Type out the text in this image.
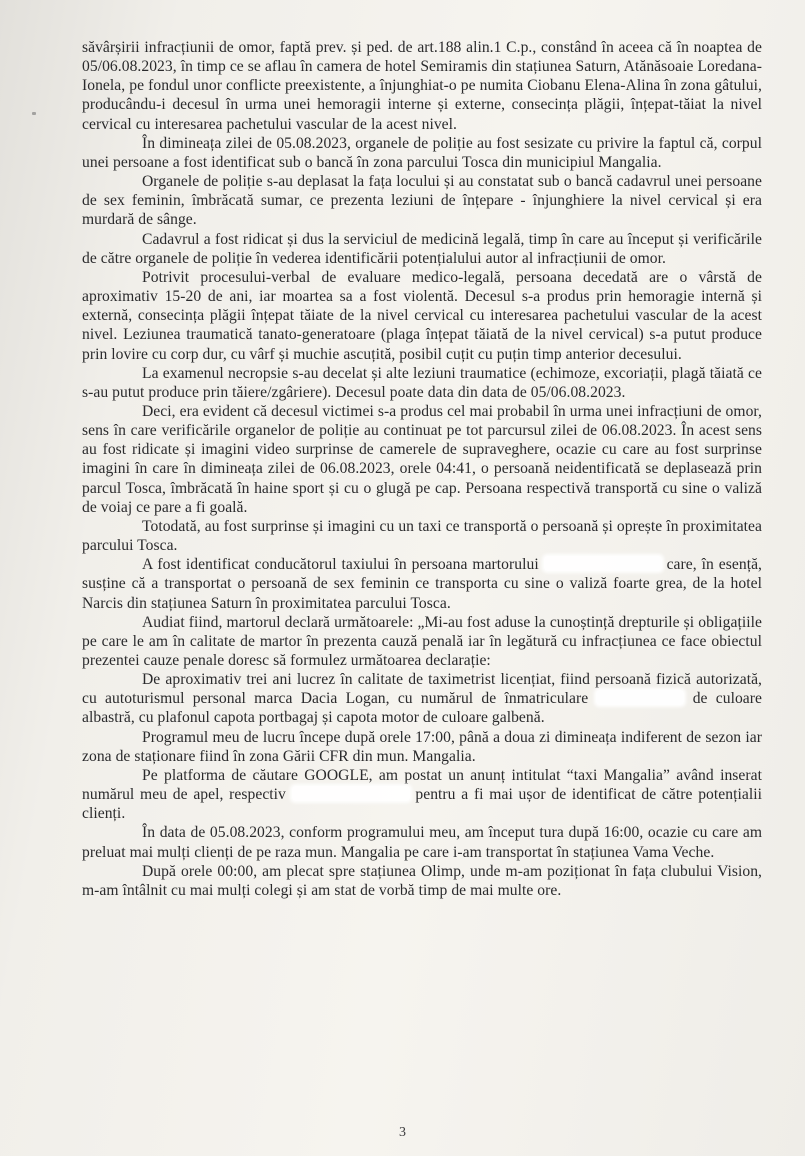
săvârșirii infracțiunii de omor, faptă prev. și ped. de art.188 alin.1 C.p., constând în aceea că în noaptea de 05/06.08.2023, în timp ce se aflau în camera de hotel Semiramis din stațiunea Saturn, Atănăsoaie Loredana-Ionela, pe fondul unor conflicte preexistente, a înjunghiat-o pe numita Ciobanu Elena-Alina în zona gâtului, producându-i decesul în urma unei hemoragii interne și externe, consecința plăgii, înțepat-tăiat la nivel cervical cu interesarea pachetului vascular de la acest nivel.

În dimineața zilei de 05.08.2023, organele de poliție au fost sesizate cu privire la faptul că, corpul unei persoane a fost identificat sub o bancă în zona parcului Tosca din municipiul Mangalia.

Organele de poliție s-au deplasat la fața locului și au constatat sub o bancă cadavrul unei persoane de sex feminin, îmbrăcată sumar, ce prezenta leziuni de înțepare - înjunghiere la nivel cervical și era murdară de sânge.

Cadavrul a fost ridicat și dus la serviciul de medicină legală, timp în care au început și verificările de către organele de poliție în vederea identificării potențialului autor al infracțiunii de omor.

Potrivit procesului-verbal de evaluare medico-legală, persoana decedată are o vârstă de aproximativ 15-20 de ani, iar moartea sa a fost violentă. Decesul s-a produs prin hemoragie internă și externă, consecința plăgii înțepat tăiate de la nivel cervical cu interesarea pachetului vascular de la acest nivel. Leziunea traumatică tanato-generatoare (plaga înțepat tăiată de la nivel cervical) s-a putut produce prin lovire cu corp dur, cu vârf și muchie ascuțită, posibil cuțit cu puțin timp anterior decesului.

La examenul necropsie s-au decelat și alte leziuni traumatice (echimoze, excoriații, plagă tăiată ce s-au putut produce prin tăiere/zgâriere). Decesul poate data din data de 05/06.08.2023.

Deci, era evident că decesul victimei s-a produs cel mai probabil în urma unei infracțiuni de omor, sens în care verificările organelor de poliție au continuat pe tot parcursul zilei de 06.08.2023. În acest sens au fost ridicate și imagini video surprinse de camerele de supraveghere, ocazie cu care au fost surprinse imagini în care în dimineața zilei de 06.08.2023, orele 04:41, o persoană neidentificată se deplasează prin parcul Tosca, îmbrăcată în haine sport și cu o glugă pe cap. Persoana respectivă transportă cu sine o valiză de voiaj ce pare a fi goală.

Totodată, au fost surprinse și imagini cu un taxi ce transportă o persoană și oprește în proximitatea parcului Tosca.

A fost identificat conducătorul taxiului în persoana martorului	care, în esență, susține că a transportat o persoană de sex feminin ce transporta cu sine o valiză foarte grea, de la hotel Narcis din stațiunea Saturn în proximitatea parcului Tosca.

Audiat fiind, martorul declară următoarele: „Mi-au fost aduse la cunoștință drepturile și obligațiile pe care le am în calitate de martor în prezenta cauză penală iar în legătură cu infracțiunea ce face obiectul prezentei cauze penale doresc să formulez următoarea declarație:

De aproximativ trei ani lucrez în calitate de taximetrist licențiat, fiind persoană fizică autorizată, cu autoturismul personal marca Dacia Logan, cu numărul de înmatriculare	de culoare albastră, cu plafonul capota portbagaj și capota motor de culoare galbenă.

Programul meu de lucru începe după orele 17:00, până a doua zi dimineața indiferent de sezon iar zona de staționare fiind în zona Gării CFR din mun. Mangalia.

Pe platforma de căutare GOOGLE, am postat un anunț intitulat “taxi Mangalia” având inserat numărul meu de apel, respectiv	pentru a fi mai ușor de identificat de către potențialii clienți.

În data de 05.08.2023, conform programului meu, am început tura după 16:00, ocazie cu care am preluat mai mulți clienți de pe raza mun. Mangalia pe care i-am transportat în stațiunea Vama Veche.

După orele 00:00, am plecat spre stațiunea Olimp, unde m-am poziționat în fața clubului Vision, m-am întâlnit cu mai mulți colegi și am stat de vorbă timp de mai multe ore.

3
